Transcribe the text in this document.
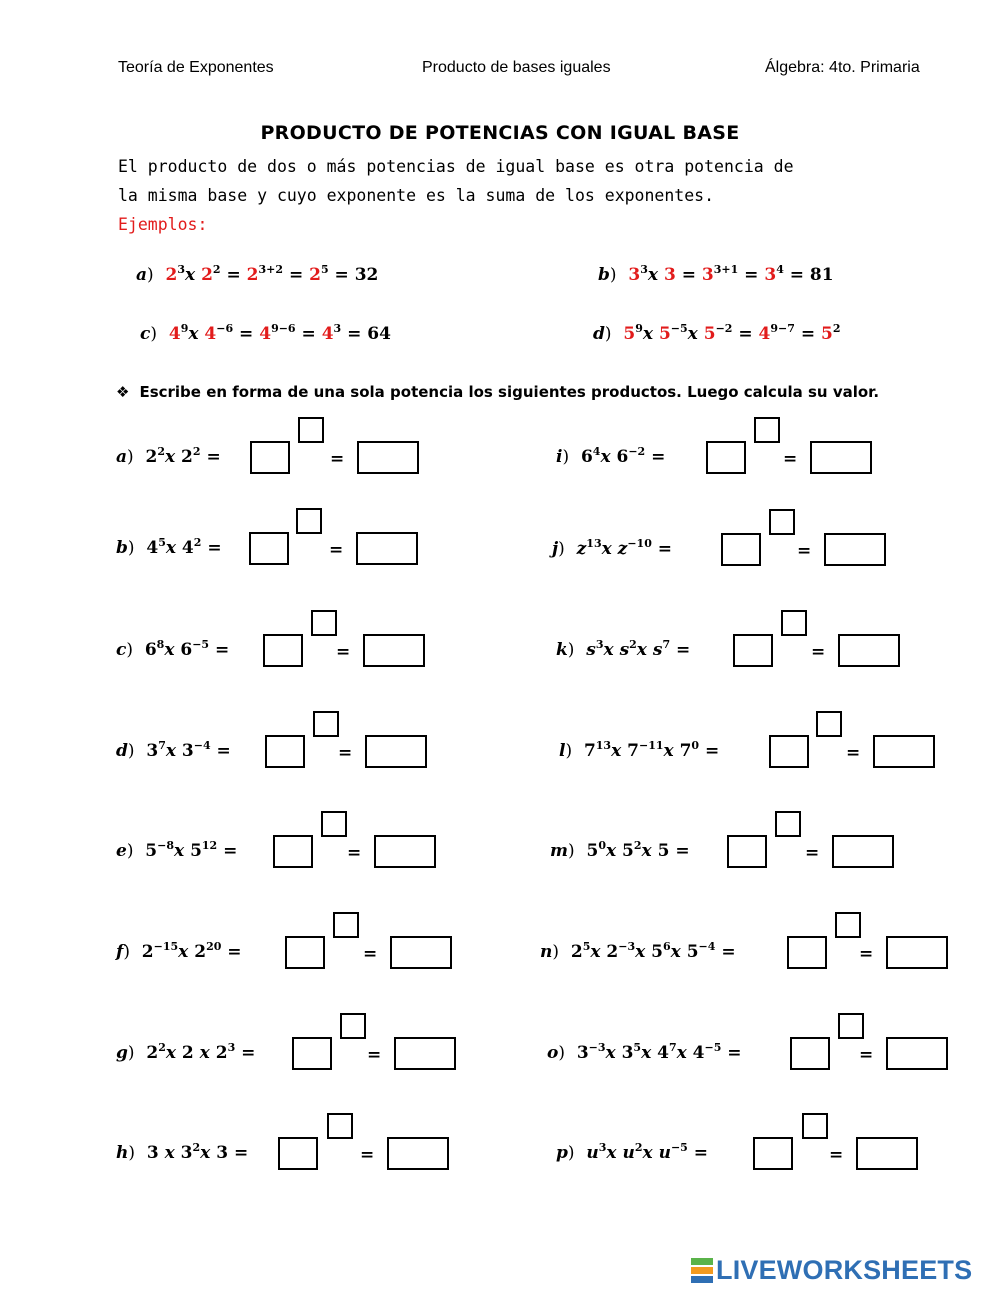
Teoría de Exponentes	Producto de bases iguales	Álgebra: 4to. Primaria
PRODUCTO DE POTENCIAS CON IGUAL BASE
El producto de dos o más potencias de igual base es otra potencia de
la misma base y cuyo exponente es la suma de los exponentes.
Ejemplos:
a) $2^3x$ $2^2 = 2^{3+2} = 2^5 = 32$	b) $3^3x$ $3 = 3^{3+1} = 3^4 = 81$
c) $4^9x$ $4^{-6} = 4^{9-6} = 4^3 = 64$	d) $5^9x$ $5^{-5}x$ $5^{-2} = 4^{9-7} = 5^2$
❖ Escribe en forma de una sola potencia los siguientes productos. Luego calcula su valor.
a)  $2^2x$ $2^2$ =	=
b)  $4^5x$ $4^2$ =	=
c)  $6^8x$ $6^{-5}$ =	=
d)  $3^7x$ $3^{-4}$ =	=
e)  $5^{-8}x$ $5^{12}$ =	=
f)  $2^{-15}x$ $2^{20}$ =	=
g)  $2^2x$ 2 x $2^3$ =	=
h)  3 x $3^2x$ 3 =	=
i)  $6^4x$ $6^{-2}$ =	=
j) $z^{13}x$ $z^{-10}$ =	=
k) $s^3x$ $s^2x$ $s^7$ =	=
l)  $7^{13}x$ $7^{-11}x$ $7^0$ =	=
m)  $5^0x$ $5^2x$ 5 =	=
n)  $2^5x$ $2^{-3}x$ $5^6x$ $5^{-4}$ =	=
o)  $3^{-3}x$ $3^5x$ $4^7x$ $4^{-5}$ =	=
p) $u^3x$ $u^2x$ $u^{-5}$ =	=
LIVEWORKSHEETS
